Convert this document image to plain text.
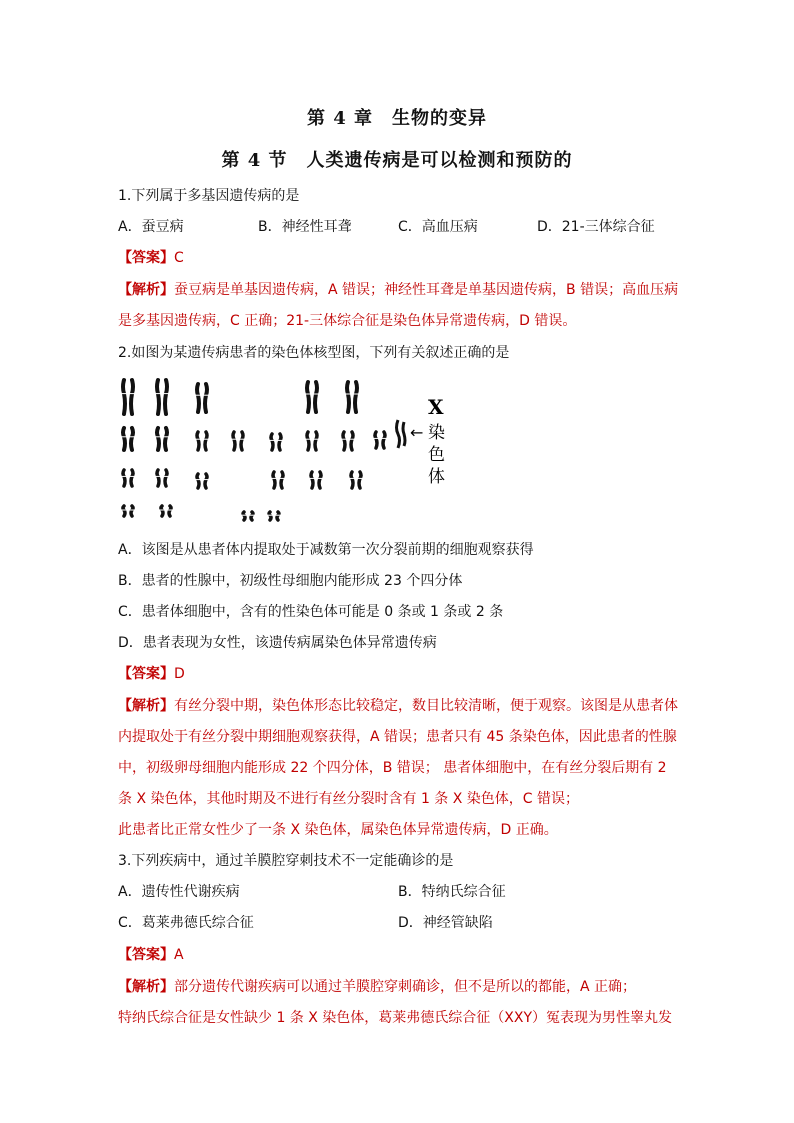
第 4 章　生物的变异
第 4 节　人类遗传病是可以检测和预防的
1.下列属于多基因遗传病的是
A．蚕豆病	B．神经性耳聋	C．高血压病	D．21-三体综合征
【答案】C
【解析】蚕豆病是单基因遗传病，A 错误；神经性耳聋是单基因遗传病，B 错误；高血压病
是多基因遗传病，C 正确；21-三体综合征是染色体异常遗传病，D 错误。
2.如图为某遗传病患者的染色体核型图，下列有关叙述正确的是
←
X
染
色
体
A．该图是从患者体内提取处于减数第一次分裂前期的细胞观察获得
B．患者的性腺中，初级性母细胞内能形成 23 个四分体
C．患者体细胞中，含有的性染色体可能是 0 条或 1 条或 2 条
D．患者表现为女性，该遗传病属染色体异常遗传病
【答案】D
【解析】有丝分裂中期，染色体形态比较稳定，数目比较清晰，便于观察。该图是从患者体
内提取处于有丝分裂中期细胞观察获得，A 错误；患者只有 45 条染色体，因此患者的性腺
中，初级卵母细胞内能形成 22 个四分体，B 错误； 患者体细胞中，在有丝分裂后期有 2
条 X 染色体，其他时期及不进行有丝分裂时含有 1 条 X 染色体，C 错误；
此患者比正常女性少了一条 X 染色体，属染色体异常遗传病，D 正确。
3.下列疾病中，通过羊膜腔穿刺技术不一定能确诊的是
A．遗传性代谢疾病	B．特纳氏综合征
C．葛莱弗德氏综合征	D．神经管缺陷
【答案】A
【解析】部分遗传代谢疾病可以通过羊膜腔穿刺确诊，但不是所以的都能，A 正确；
特纳氏综合征是女性缺少 1 条 X 染色体，葛莱弗德氏综合征（XXY）冤表现为男性睾丸发
